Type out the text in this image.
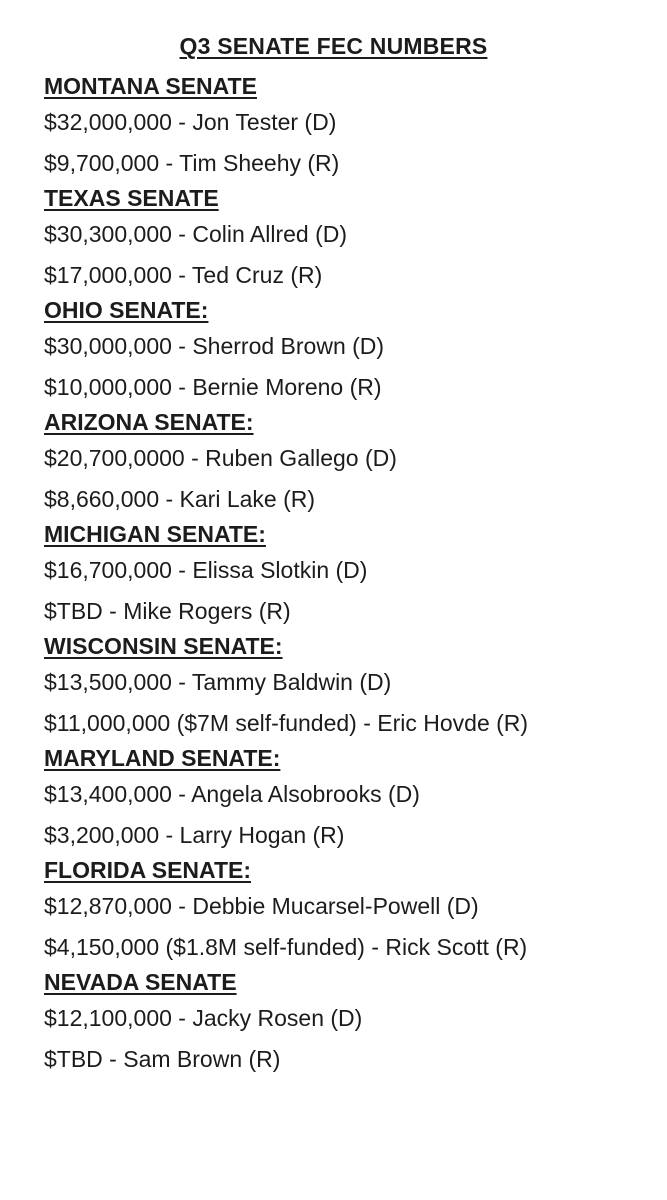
Q3 SENATE FEC NUMBERS
MONTANA SENATE
$32,000,000 - Jon Tester (D)
$9,700,000 - Tim Sheehy (R)
TEXAS SENATE
$30,300,000 - Colin Allred (D)
$17,000,000 - Ted Cruz (R)
OHIO SENATE:
$30,000,000 - Sherrod Brown (D)
$10,000,000 - Bernie Moreno (R)
ARIZONA SENATE:
$20,700,0000 - Ruben Gallego (D)
$8,660,000 - Kari Lake (R)
MICHIGAN SENATE:
$16,700,000 - Elissa Slotkin (D)
$TBD - Mike Rogers (R)
WISCONSIN SENATE:
$13,500,000 - Tammy Baldwin (D)
$11,000,000 ($7M self-funded) - Eric Hovde (R)
MARYLAND SENATE:
$13,400,000 - Angela Alsobrooks (D)
$3,200,000 - Larry Hogan (R)
FLORIDA SENATE:
$12,870,000 - Debbie Mucarsel-Powell (D)
$4,150,000 ($1.8M self-funded) - Rick Scott (R)
NEVADA SENATE
$12,100,000 - Jacky Rosen (D)
$TBD - Sam Brown (R)
